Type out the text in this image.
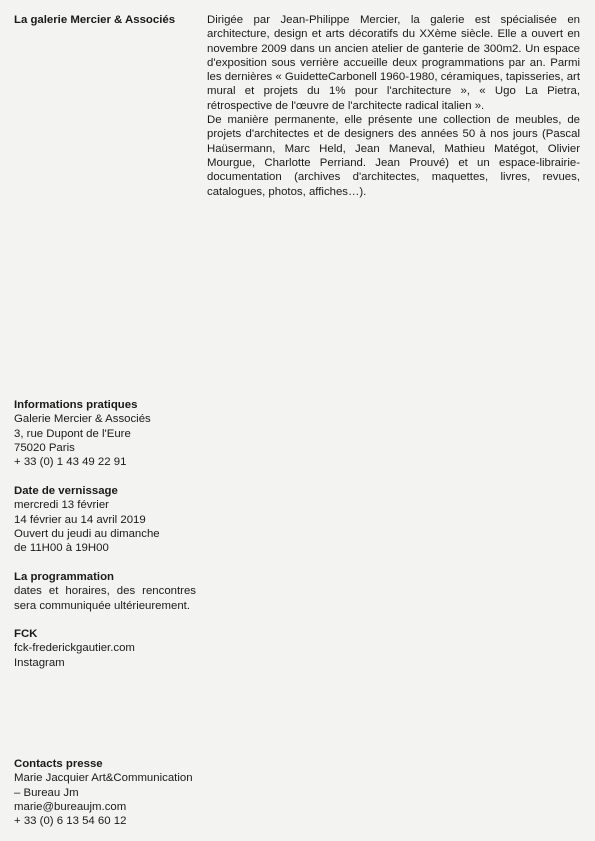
La galerie Mercier & Associés	Dirigée par Jean-Philippe Mercier, la galerie est spécialisée en architecture, design et arts décoratifs du XXème siècle. Elle a ouvert en novembre 2009 dans un ancien atelier de ganterie de 300m2. Un espace d'exposition sous verrière accueille deux programmations par an. Parmi les dernières « GuidetteCarbonell 1960-1980, céramiques, tapisseries, art mural et projets du 1% pour l'architecture », « Ugo La Pietra, rétrospective de l'œuvre de l'architecte radical italien ».

De manière permanente, elle présente une collection de meubles, de projets d'architectes et de designers des années 50 à nos jours (Pascal Haüsermann, Marc Held, Jean Maneval, Mathieu Matégot, Olivier Mourgue, Charlotte Perriand. Jean Prouvé) et un espace-librairie-documentation (archives d'architectes, maquettes, livres, revues, catalogues, photos, affiches…).

Informations pratiques
Galerie Mercier & Associés
3, rue Dupont de l'Eure
75020 Paris
+ 33 (0) 1 43 49 22 91
Date de vernissage
mercredi 13 février
14 février au 14 avril 2019
Ouvert du jeudi au dimanche
de 11H00 à 19H00
La programmation
dates et horaires, des rencontres sera communiquée ultérieurement.
FCK
fck-frederickgautier.com
Instagram
Contacts presse
Marie Jacquier Art&Communication
– Bureau Jm
marie@bureaujm.com
+ 33 (0) 6 13 54 60 12
